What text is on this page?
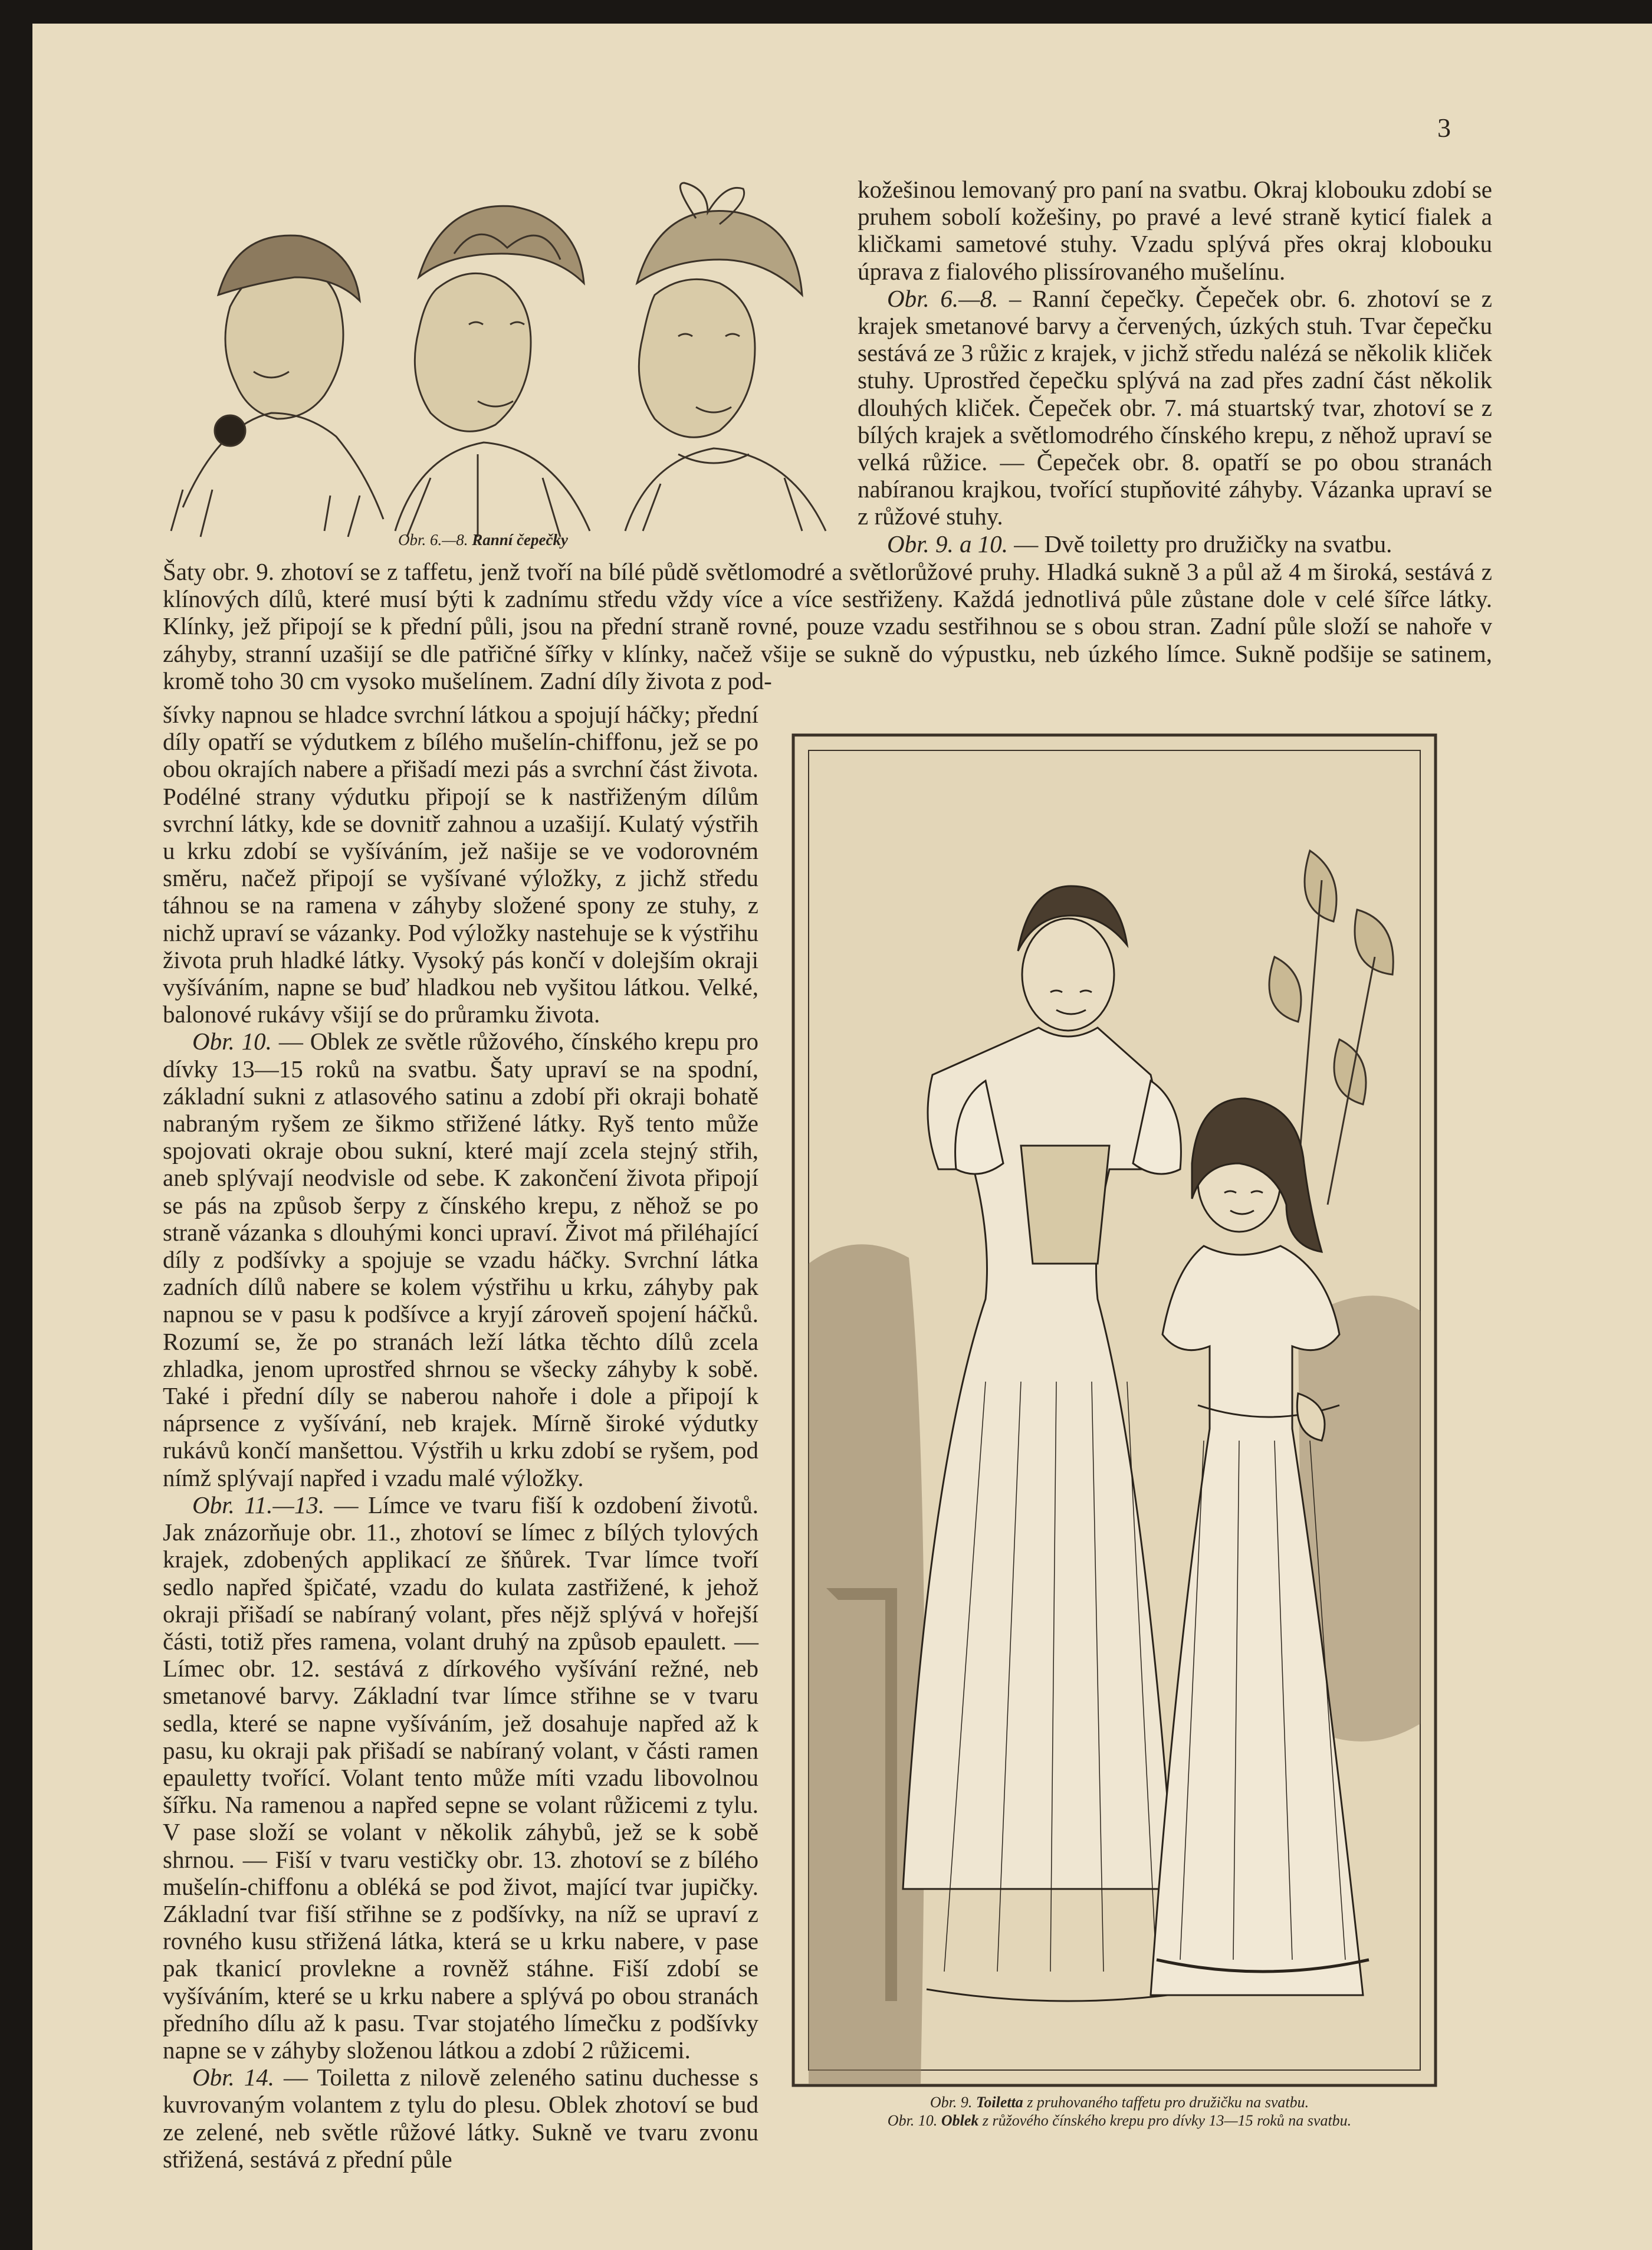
3
Obr. 6.—8. Ranní čepečky

kožešinou lemovaný pro paní na svatbu. Okraj klobouku zdobí se pruhem sobolí kožešiny, po pravé a levé straně kyticí fialek a kličkami sametové stuhy. Vzadu splývá přes okraj klobouku úprava z fialového plissírovaného mušelínu.

Obr. 6.—8. – Ranní čepečky. Čepeček obr. 6. zhotoví se z krajek smetanové barvy a červených, úzkých stuh. Tvar čepečku sestává ze 3 růžic z krajek, v jichž středu nalézá se několik kliček stuhy. Uprostřed čepečku splývá na zad přes zadní část několik dlouhých kliček. Čepeček obr. 7. má stuartský tvar, zhotoví se z bílých krajek a světlomodrého čínského krepu, z něhož upraví se velká růžice. — Čepeček obr. 8. opatří se po obou stranách nabíranou krajkou, tvořící stupňovité záhyby. Vázanka upraví se z růžové stuhy.

Obr. 9. a 10. — Dvě toiletty pro družičky na svatbu.

Šaty obr. 9. zhotoví se z taffetu, jenž tvoří na bílé půdě světlomodré a světlorůžové pruhy. Hladká sukně 3 a půl až 4 m široká, sestává z klínových dílů, které musí býti k zadnímu středu vždy více a více sestřiženy. Každá jednotlivá půle zůstane dole v celé šířce látky. Klínky, jež připojí se k přední půli, jsou na přední straně rovné, pouze vzadu sestřihnou se s obou stran. Zadní půle složí se nahoře v záhyby, stranní uzašijí se dle patřičné šířky v klínky, načež všije se sukně do výpustku, neb úzkého límce. Sukně podšije se satinem, kromě toho 30 cm vysoko mušelínem. Zadní díly života z pod-

šívky napnou se hladce svrchní látkou a spojují háčky; přední díly opatří se výdutkem z bílého mušelín-chiffonu, jež se po obou okrajích nabere a přišadí mezi pás a svrchní část života. Podélné strany výdutku připojí se k nastřiženým dílům svrchní látky, kde se dovnitř zahnou a uzašijí. Kulatý výstřih u krku zdobí se vyšíváním, jež našije se ve vodorovném směru, načež připojí se vyšívané výložky, z jichž středu táhnou se na ramena v záhyby složené spony ze stuhy, z nichž upraví se vázanky. Pod výložky nastehuje se k výstřihu života pruh hladké látky. Vysoký pás končí v dolejším okraji vyšíváním, napne se buď hladkou neb vyšitou látkou. Velké, balonové rukávy všijí se do průramku života.

Obr. 10. — Oblek ze světle růžového, čínského krepu pro dívky 13—15 roků na svatbu. Šaty upraví se na spodní, základní sukni z atlasového satinu a zdobí při okraji bohatě nabraným ryšem ze šikmo střižené látky. Ryš tento může spojovati okraje obou sukní, které mají zcela stejný střih, aneb splývají neodvisle od sebe. K zakončení života připojí se pás na způsob šerpy z čínského krepu, z něhož se po straně vázanka s dlouhými konci upraví. Život má přiléhající díly z podšívky a spojuje se vzadu háčky. Svrchní látka zadních dílů nabere se kolem výstřihu u krku, záhyby pak napnou se v pasu k podšívce a kryjí zároveň spojení háčků. Rozumí se, že po stranách leží látka těchto dílů zcela zhladka, jenom uprostřed shrnou se všecky záhyby k sobě. Také i přední díly se naberou nahoře i dole a připojí k náprsence z vyšívání, neb krajek. Mírně široké výdutky rukávů končí manšettou. Výstřih u krku zdobí se ryšem, pod nímž splývají napřed i vzadu malé výložky.

Obr. 11.—13. — Límce ve tvaru fiší k ozdobení životů. Jak znázorňuje obr. 11., zhotoví se límec z bílých tylových krajek, zdobených applikací ze šňůrek. Tvar límce tvoří sedlo napřed špičaté, vzadu do kulata zastřižené, k jehož okraji přišadí se nabíraný volant, přes nějž splývá v hořejší části, totiž přes ramena, volant druhý na způsob epaulett. — Límec obr. 12. sestává z dírkového vyšívání režné, neb smetanové barvy. Základní tvar límce střihne se v tvaru sedla, které se napne vyšíváním, jež dosahuje napřed až k pasu, ku okraji pak přišadí se nabíraný volant, v části ramen epauletty tvořící. Volant tento může míti vzadu libovolnou šířku. Na ramenou a napřed sepne se volant růžicemi z tylu. V pase složí se volant v několik záhybů, jež se k sobě shrnou. — Fiší v tvaru vestičky obr. 13. zhotoví se z bílého mušelín-chiffonu a obléká se pod život, mající tvar jupičky. Základní tvar fiší střihne se z podšívky, na níž se upraví z rovného kusu střižená látka, která se u krku nabere, v pase pak tkanicí provlekne a rovněž stáhne. Fiší zdobí se vyšíváním, které se u krku nabere a splývá po obou stranách předního dílu až k pasu. Tvar stojatého límečku z podšívky napne se v záhyby složenou látkou a zdobí 2 růžicemi.

Obr. 14. — Toiletta z nilově zeleného satinu duchesse s kuvrovaným volantem z tylu do plesu. Oblek zhotoví se bud ze zelené, neb světle růžové látky. Sukně ve tvaru zvonu střižená, sestává z přední půle

Obr. 9. Toiletta z pruhovaného taffetu pro družičku na svatbu.
Obr. 10. Oblek z růžového čínského krepu pro dívky 13—15 roků na svatbu.
